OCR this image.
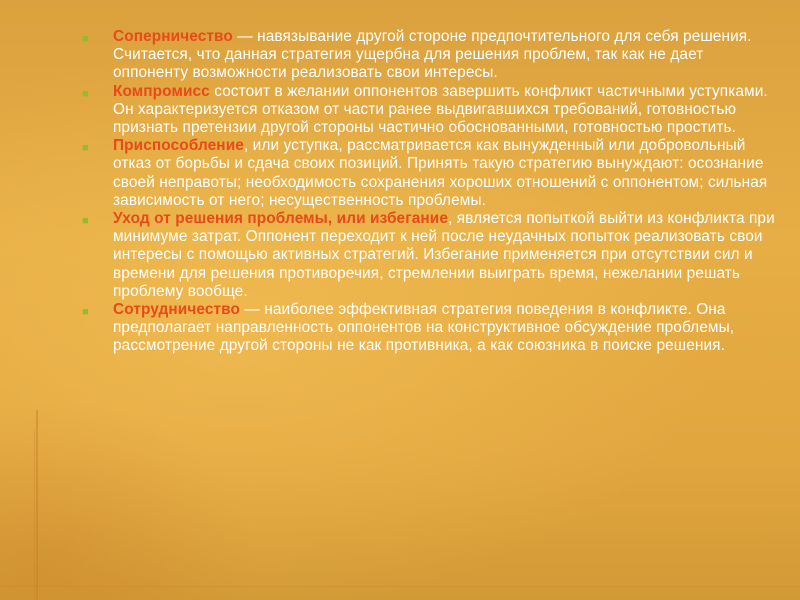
■ Соперничество — навязывание другой стороне предпочтительного для себя решения. Считается, что данная стратегия ущербна для решения проблем, так как не дает оппоненту возможности реализовать свои интересы.
■ Компромисс состоит в желании оппонентов завершить конфликт частичными уступками. Он характеризуется отказом от части ранее выдвигавшихся требований, готовностью признать претензии другой стороны частично обоснованными, готовностью простить.
■ Приспособление, или уступка, рассматривается как вынужденный или добровольный отказ от борьбы и сдача своих позиций. Принять такую стратегию вынуждают: осознание своей неправоты; необходимость сохранения хороших отношений с оппонентом; сильная зависимость от него; несущественность проблемы.
■ Уход от решения проблемы, или избегание, является попыткой выйти из конфликта при минимуме затрат. Оппонент переходит к ней после неудачных попыток реализовать свои интересы с помощью активных стратегий. Избегание применяется при отсутствии сил и времени для решения противоречия, стремлении выиграть время, нежелании решать проблему вообще.
■ Сотрудничество — наиболее эффективная стратегия поведения в конфликте. Она предполагает направленность оппонентов на конструктивное обсуждение проблемы, рассмотрение другой стороны не как противника, а как союзника в поиске решения.
